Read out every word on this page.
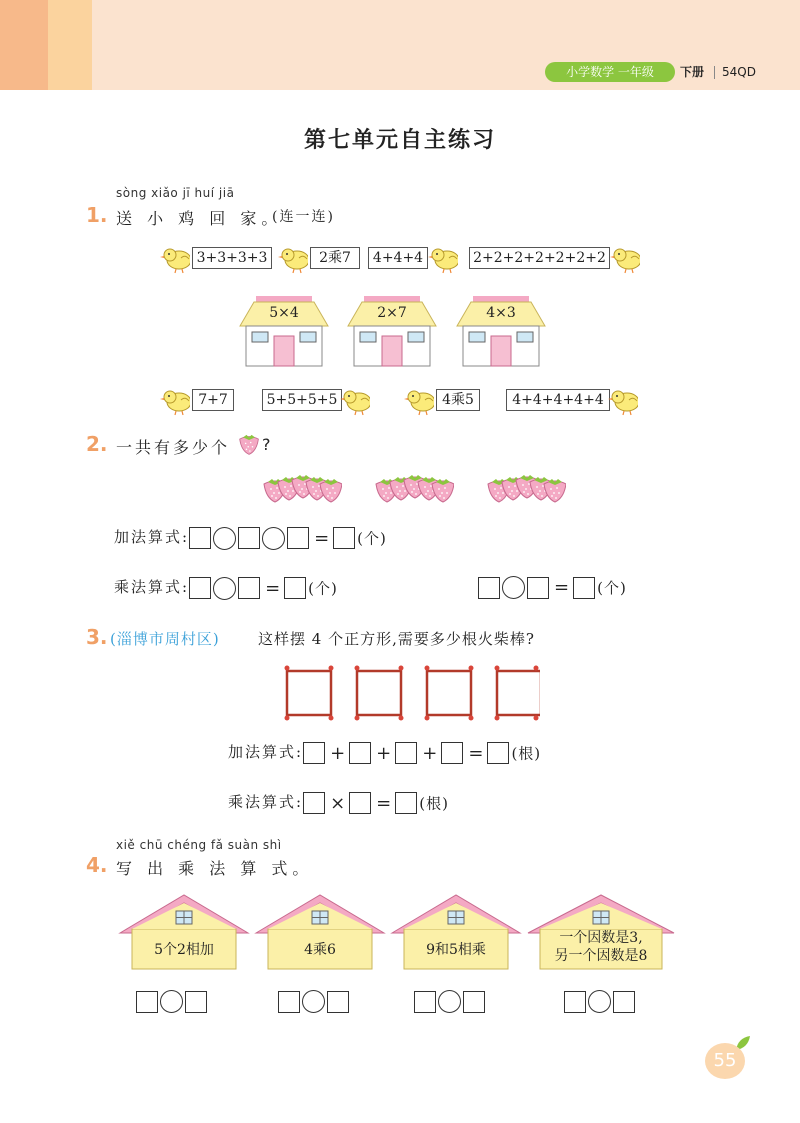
小学数学 一年级	下册 54QD
第七单元自主练习
sòng xiǎo jī huí jiā
1. 送 小 鸡 回 家。
(连一连)
3+3+3+3	2乘7	4+4+4	2+2+2+2+2+2+2
5×4	2×7	4×3
7+7	5+5+5+5	4乘5	4+4+4+4+4
2. 一共有多少个 ?
加法算式:	= (个)
乘法算式:	= (个)	= (个)
3. (淄博市周村区)	这样摆 4 个正方形,需要多少根火柴棒?
加法算式: + + + = (根)
乘法算式: × = (根)
xiě chū chéng fǎ suàn shì
4. 写 出 乘 法 算 式。
5个2相加	4乘6	9和5相乘
一个因数是3,
另一个因数是8
55
